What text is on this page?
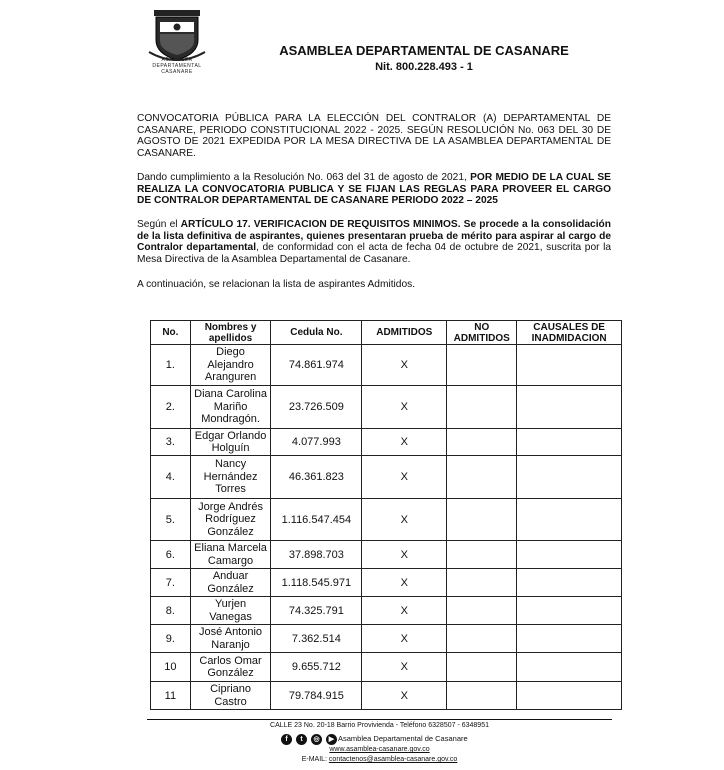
ASAMBLEA DEPARTAMENTAL CASANARE
ASAMBLEA DEPARTAMENTAL DE CASANARE
Nit. 800.228.493 - 1

CONVOCATORIA PÚBLICA PARA LA ELECCIÓN DEL CONTRALOR (A) DEPARTAMENTAL DE CASANARE, PERIODO CONSTITUCIONAL 2022 - 2025. SEGÚN RESOLUCIÓN No. 063 DEL 30 DE AGOSTO DE 2021 EXPEDIDA POR LA MESA DIRECTIVA DE LA ASAMBLEA DEPARTAMENTAL DE CASANARE.

Dando cumplimiento a la Resolución No. 063 del 31 de agosto de 2021, POR MEDIO DE LA CUAL SE REALIZA LA CONVOCATORIA PUBLICA Y SE FIJAN LAS REGLAS PARA PROVEER EL CARGO DE CONTRALOR DEPARTAMENTAL DE CASANARE PERIODO 2022 – 2025

Según el ARTÍCULO 17. VERIFICACION DE REQUISITOS MINIMOS. Se procede a la consolidación de la lista definitiva de aspirantes, quienes presentaran prueba de mérito para aspirar al cargo de Contralor departamental, de conformidad con el acta de fecha 04 de octubre de 2021, suscrita por la Mesa Directiva de la Asamblea Departamental de Casanare.

A continuación, se relacionan la lista de aspirantes Admitidos.

No.	Nombres y apellidos	Cedula No.	ADMITIDOS	NO ADMITIDOS	CAUSALES DE INADMIDACION
1.	Diego Alejandro Aranguren	74.861.974	X		
2.	Diana Carolina Mariño Mondragón.	23.726.509	X		
3.	Edgar Orlando Holguín	4.077.993	X		
4.	Nancy Hernández Torres	46.361.823	X		
5.	Jorge Andrés Rodríguez González	1.116.547.454	X		
6.	Eliana Marcela Camargo	37.898.703	X		
7.	Anduar González	1.118.545.971	X		
8.	Yurjen Vanegas	74.325.791	X		
9.	José Antonio Naranjo	7.362.514	X		
10	Carlos Omar González	9.655.712	X		
11	Cipriano Castro	79.784.915	X		
CALLE 23 No. 20-18 Barrio Provivienda - Teléfono 6328507 - 6348951
f	t	◎	▶ Asamblea Departamental de Casanare
www.asamblea-casanare.gov.co
E-MAIL: contactenos@asamblea-casanare.gov.co
